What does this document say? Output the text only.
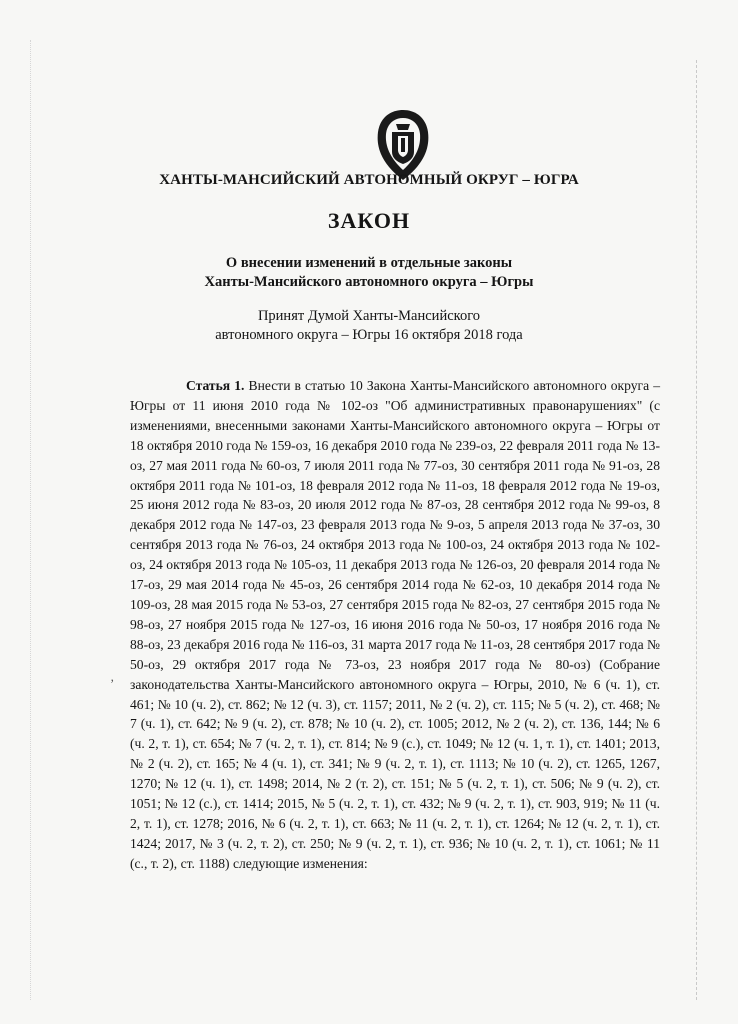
ХАНТЫ-МАНСИЙСКИЙ АВТОНОМНЫЙ ОКРУГ – ЮГРА
ЗАКОН
О внесении изменений в отдельные законы
Ханты-Мансийского автономного округа – Югры
Принят Думой Ханты-Мансийского
автономного округа – Югры 16 октября 2018 года
Статья 1. Внести в статью 10 Закона Ханты-Мансийского автономного округа – Югры от 11 июня 2010 года № 102-оз "Об административных правонарушениях" (с изменениями, внесенными законами Ханты-Мансийского автономного округа – Югры от 18 октября 2010 года № 159-оз, 16 декабря 2010 года № 239-оз, 22 февраля 2011 года № 13-оз, 27 мая 2011 года № 60-оз, 7 июля 2011 года № 77-оз, 30 сентября 2011 года № 91-оз, 28 октября 2011 года № 101-оз, 18 февраля 2012 года № 11-оз, 18 февраля 2012 года № 19-оз, 25 июня 2012 года № 83-оз, 20 июля 2012 года № 87-оз, 28 сентября 2012 года № 99-оз, 8 декабря 2012 года № 147-оз, 23 февраля 2013 года № 9-оз, 5 апреля 2013 года № 37-оз, 30 сентября 2013 года № 76-оз, 24 октября 2013 года № 100-оз, 24 октября 2013 года № 102-оз, 24 октября 2013 года № 105-оз, 11 декабря 2013 года № 126-оз, 20 февраля 2014 года № 17-оз, 29 мая 2014 года № 45-оз, 26 сентября 2014 года № 62-оз, 10 декабря 2014 года № 109-оз, 28 мая 2015 года № 53-оз, 27 сентября 2015 года № 82-оз, 27 сентября 2015 года № 98-оз, 27 ноября 2015 года № 127-оз, 16 июня 2016 года № 50-оз, 17 ноября 2016 года № 88-оз, 23 декабря 2016 года № 116-оз, 31 марта 2017 года № 11-оз, 28 сентября 2017 года № 50-оз, 29 октября 2017 года № 73-оз, 23 ноября 2017 года № 80-оз) (Собрание законодательства Ханты-Мансийского автономного округа – Югры, 2010, № 6 (ч. 1), ст. 461; № 10 (ч. 2), ст. 862; № 12 (ч. 3), ст. 1157; 2011, № 2 (ч. 2), ст. 115; № 5 (ч. 2), ст. 468; № 7 (ч. 1), ст. 642; № 9 (ч. 2), ст. 878; № 10 (ч. 2), ст. 1005; 2012, № 2 (ч. 2), ст. 136, 144; № 6 (ч. 2, т. 1), ст. 654; № 7 (ч. 2, т. 1), ст. 814; № 9 (с.), ст. 1049; № 12 (ч. 1, т. 1), ст. 1401; 2013, № 2 (ч. 2), ст. 165; № 4 (ч. 1), ст. 341; № 9 (ч. 2, т. 1), ст. 1113; № 10 (ч. 2), ст. 1265, 1267, 1270; № 12 (ч. 1), ст. 1498; 2014, № 2 (т. 2), ст. 151; № 5 (ч. 2, т. 1), ст. 506; № 9 (ч. 2), ст. 1051; № 12 (с.), ст. 1414; 2015, № 5 (ч. 2, т. 1), ст. 432; № 9 (ч. 2, т. 1), ст. 903, 919; № 11 (ч. 2, т. 1), ст. 1278; 2016, № 6 (ч. 2, т. 1), ст. 663; № 11 (ч. 2, т. 1), ст. 1264; № 12 (ч. 2, т. 1), ст. 1424; 2017, № 3 (ч. 2, т. 2), ст. 250; № 9 (ч. 2, т. 1), ст. 936; № 10 (ч. 2, т. 1), ст. 1061; № 11 (с., т. 2), ст. 1188) следующие изменения:
’
